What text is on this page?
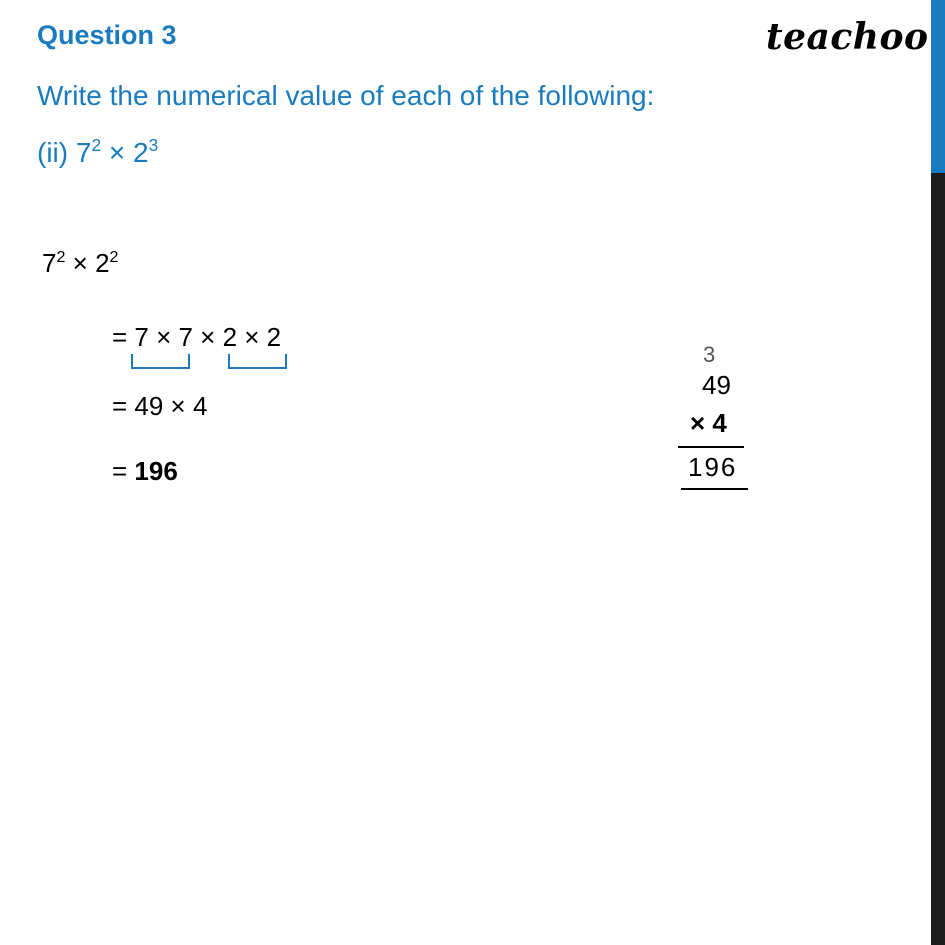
Question 3	teachoo
Write the numerical value of each of the following:
(ii) $7^2 \times 2^3$
$7^2 \times 2^2$
= 7 × 7 × 2 × 2
= 49 × 4
= 196
3
49
× 4
196
